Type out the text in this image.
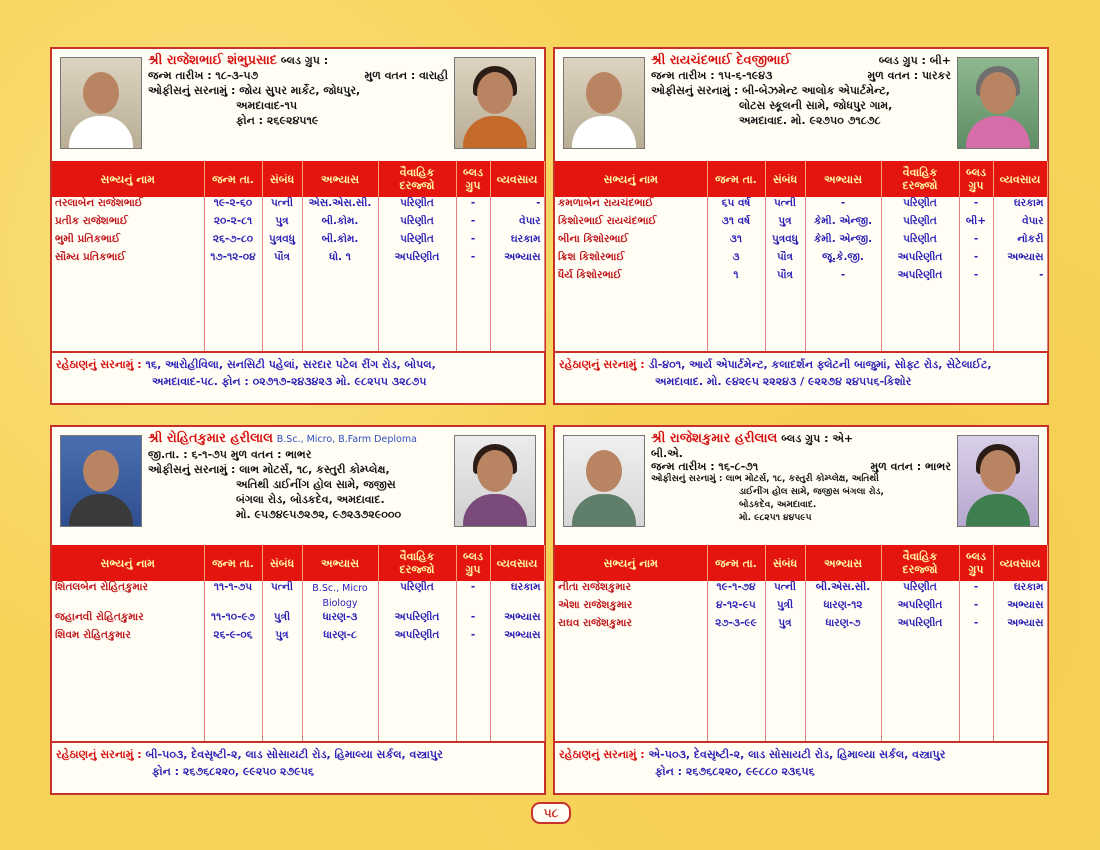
શ્રી રાજેશભાઈ શંભુપ્રસાદ બ્લડ ગ્રુપ :
જન્મ તારીખ : ૧૮-૩-૫૭	મુળ વતન : વારાહી
ઓફીસનું સરનામું : જોય સુપર માર્કેટ, જોધપુર,
અમદાવાદ-૧૫
ફોન : ૨૬૯૨૪૫૧૯
સભ્યનું નામ	જન્મ તા.	સંબંધ	અભ્યાસ	વૈવાહિક દરજ્જો	બ્લડ ગ્રુપ	વ્યવસાય
તરલાબેન રાજેશભાઈ	૧૯-૨-૬૦	પત્ની	એસ.એસ.સી.	પરિણીત	-	-
પ્રતીક રાજેશભાઈ	૨૦-૨-૮૧	પુત્ર	બી.કોમ.	પરિણીત	-	વેપાર
ભુમી પ્રતિકભાઈ	૨૬-૭-૮૦	પુત્રવધુ	બી.કોમ.	પરિણીત	-	ઘરકામ
સૌમ્ય પ્રતિકભાઈ	૧૭-૧૨-૦૪	પૌત્ર	ધો. ૧	અપરિણીત	-	અભ્યાસ

રહેઠાણનું સરનામું : ૧૬, આરોહીવિલા, સનસિટી પહેલાં, સરદાર પટેલ રીંગ રોડ, બોપલ,
અમદાવાદ-૫૮. ફોન : ૦૨૭૧૭-૨૪૩૪૨૩ મો. ૯૮૨૫૫ ૩૨૮૭૫
શ્રી રાયચંદભાઈ દેવજીભાઈ	બ્લડ ગ્રુપ : બી+
જન્મ તારીખ : ૧૫-૬-૧૯૪૩	મુળ વતન : પારકર
ઓફીસનું સરનામું : બી-બેઝમેન્ટ આલોક એપાર્ટમેન્ટ,
લોટસ સ્કૂલની સામે, જોધપુર ગામ,
અમદાવાદ. મો. ૯૨૭૫૦ ૭૧૮૭૮
સભ્યનું નામ	જન્મ તા.	સંબંધ	અભ્યાસ	વૈવાહિક દરજ્જો	બ્લડ ગ્રુપ	વ્યવસાય
કમળાબેન રાયચંદભાઈ	૬૫ વર્ષ	પત્ની	-	પરિણીત	-	ઘરકામ
કિશોરભાઈ રાયચંદભાઈ	૩૧ વર્ષ	પુત્ર	કેમી. એન્જી.	પરિણીત	બી+	વેપાર
બીના કિશોરભાઈ	૩૧	પુત્રવધુ	કેમી. એન્જી.	પરિણીત	-	નોકરી
ક્રિશ કિશોરભાઈ	૩	પૌત્ર	જૂ.કે.જી.	અપરિણીત	-	અભ્યાસ
ધૈર્ય કિશોરભાઈ	૧	પૌત્ર	-	અપરિણીત	-	-

રહેઠાણનું સરનામું : ડી-૪૦૧, આર્ય એપાર્ટમેન્ટ, કલાદર્શન ફ્લેટની બાજુમાં, સોફ્ટ રોડ, સેટેલાઈટ,
અમદાવાદ. મો. ૯૪૨૯૫ ૨૨૨૪૩ / ૯૨૨૭૪ ૨૪૫૫૬-કિશોર
શ્રી રોહિતકુમાર હરીલાલ B.Sc., Micro, B.Farm Deploma
જી.તા. : ૬-૧-૭૫ મુળ વતન : ભાભર
ઓફીસનું સરનામું : લાભ મોટર્સ, ૧૮, કસ્તુરી કોમ્પ્લેક્ષ,
અતિથી ડાઈનીંગ હોલ સામે, જજીસ
બંગલા રોડ, બોડકદેવ, અમદાવાદ.
મો. ૯૫૭૪૯૫૭૨૭૨, ૯૭૨૩૭૨૯૦૦૦
સભ્યનું નામ	જન્મ તા.	સંબંધ	અભ્યાસ	વૈવાહિક દરજ્જો	બ્લડ ગ્રુપ	વ્યવસાય
શિતલબેન રોહિતકુમાર	૧૧-૧-૭૫	પત્ની	B.Sc., Micro Biology	પરિણીત	-	ઘરકામ
જહાનવી રોહિતકુમાર	૧૧-૧૦-૯૭	પુત્રી	ધારણ-૩	અપરિણીત	-	અભ્યાસ
શિવમ રોહિતકુમાર	૨૬-૯-૦૬	પુત્ર	ધારણ-૮	અપરિણીત	-	અભ્યાસ

રહેઠાણનું સરનામું : બી-૫૦૩, દેવસૃષ્ટી-૨, લાડ સોસાયટી રોડ, હિમાલ્યા સર્કલ, વસ્ત્રાપુર
ફોન : ૨૬૭૬૮૨૨૦, ૯૯૨૫૦ ૨૭૯૫૬
શ્રી રાજેશકુમાર હરીલાલ બ્લડ ગ્રુપ : એ+
બી.એ.
જન્મ તારીખ : ૧૬-૮-૭૧	મુળ વતન : ભાભર
ઓફીસનું સરનામું : લાભ મોટર્સ, ૧૮, કસ્તુરી કોમ્પ્લેક્ષ, અતિથી
ડાઈનીંગ હોલ સામે, જજીસ બંગલા રોડ,
બોડકદેવ, અમદાવાદ.
મો. ૯૮૨૫૧ ૪૪૫૯૫
સભ્યનું નામ	જન્મ તા.	સંબંધ	અભ્યાસ	વૈવાહિક દરજ્જો	બ્લડ ગ્રુપ	વ્યવસાય
નીતા રાજેશકુમાર	૧૯-૧-૭૪	પત્ની	બી.એસ.સી.	પરિણીત	-	ઘરકામ
એશા રાજેશકુમાર	૪-૧૨-૯૫	પુત્રી	ધારણ-૧૨	અપરિણીત	-	અભ્યાસ
રાઘવ રાજેશકુમાર	૨૭-૩-૯૯	પુત્ર	ધારણ-૭	અપરિણીત	-	અભ્યાસ

રહેઠાણનું સરનામું : એ-૫૦૩, દેવસૃષ્ટી-૨, લાડ સોસાયટી રોડ, હિમાલ્યા સર્કલ, વસ્ત્રાપુર
ફોન : ૨૬૭૬૮૨૨૦, ૯૯૮૮૦ ૨૩૬૫૬
૫૮
